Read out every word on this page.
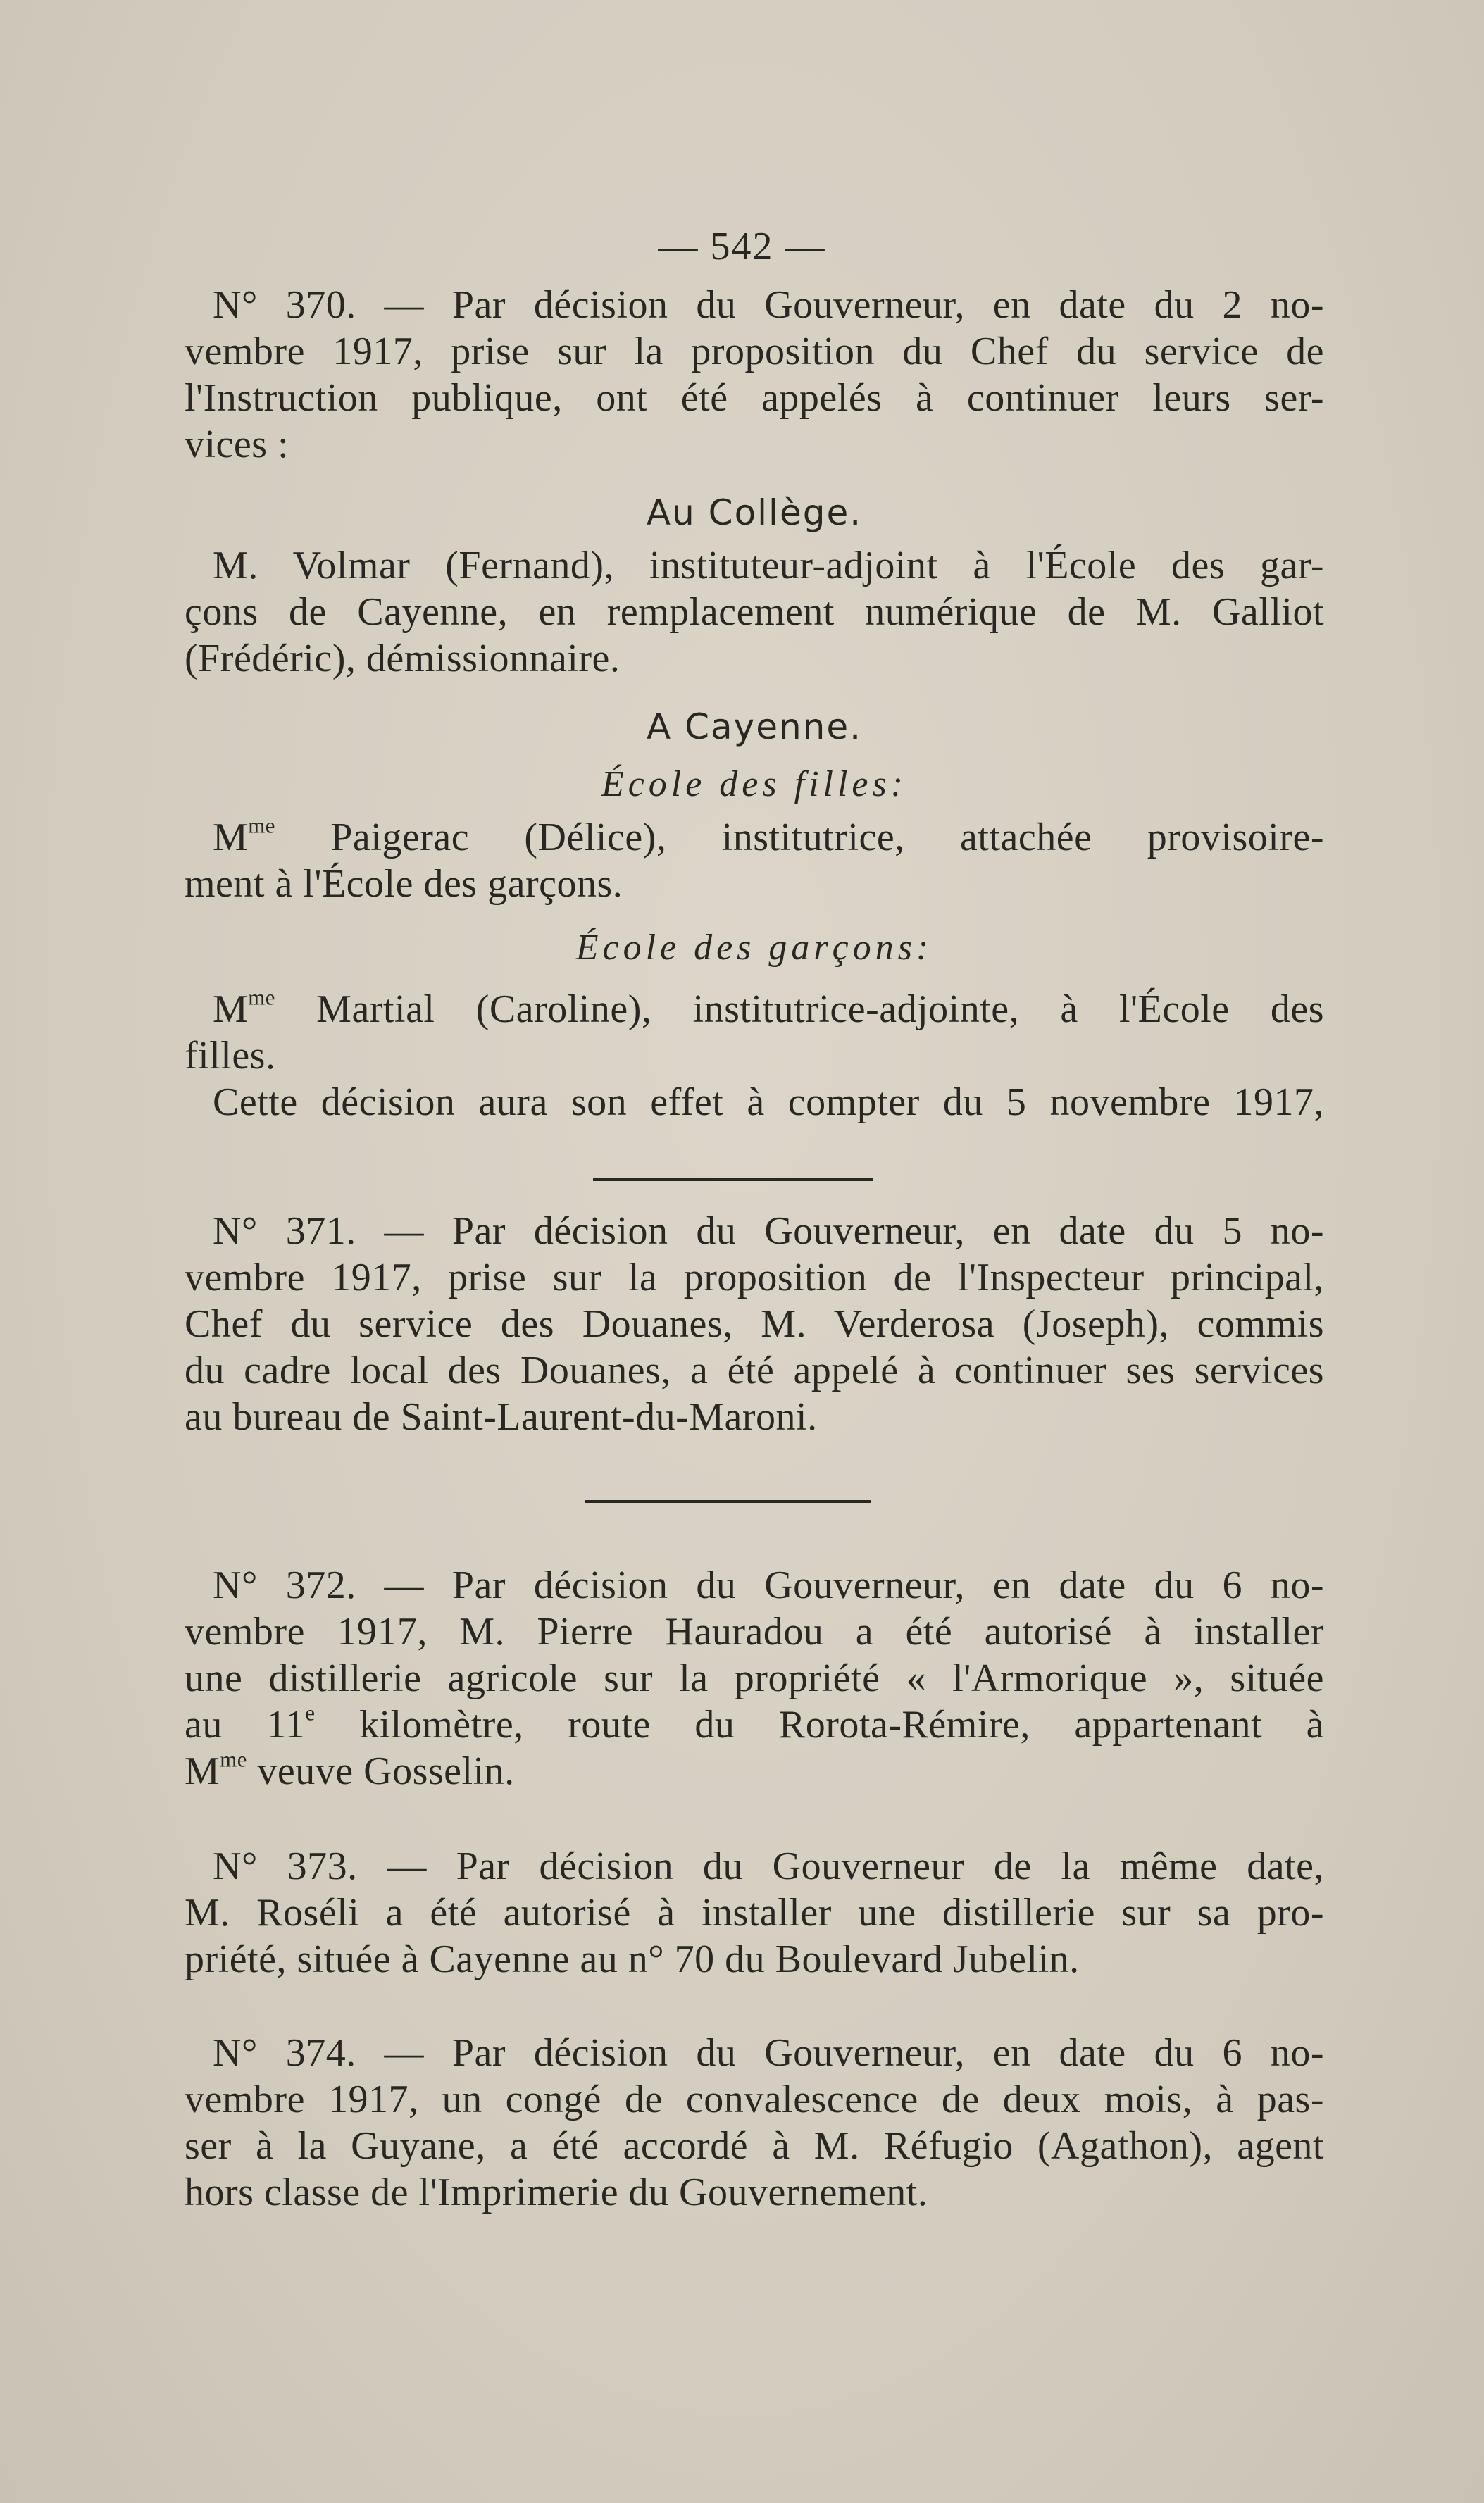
— 542 —
N° 370. — Par décision du Gouverneur, en date du 2 no-
vembre 1917, prise sur la proposition du Chef du service de
l'Instruction publique, ont été appelés à continuer leurs ser-
vices :
Au Collège.
M. Volmar (Fernand), instituteur-adjoint à l'École des gar-
çons de Cayenne, en remplacement numérique de M. Galliot
(Frédéric), démissionnaire.
A Cayenne.
École des filles:
$M^{me}$ Paigerac (Délice), institutrice, attachée provisoire-
ment à l'École des garçons.
École des garçons:
$M^{me}$ Martial (Caroline), institutrice-adjointe, à l'École des
filles.
Cette décision aura son effet à compter du 5 novembre 1917,
N° 371. — Par décision du Gouverneur, en date du 5 no-
vembre 1917, prise sur la proposition de l'Inspecteur principal,
Chef du service des Douanes, M. Verderosa (Joseph), commis
du cadre local des Douanes, a été appelé à continuer ses services
au bureau de Saint-Laurent-du-Maroni.
N° 372. — Par décision du Gouverneur, en date du 6 no-
vembre 1917, M. Pierre Hauradou a été autorisé à installer
une distillerie agricole sur la propriété « l'Armorique », située
au 11e kilomètre, route du Rorota-Rémire, appartenant à
$M^{me}$ veuve Gosselin.
N° 373. — Par décision du Gouverneur de la même date,
M. Roséli a été autorisé à installer une distillerie sur sa pro-
priété, située à Cayenne au n° 70 du Boulevard Jubelin.
N° 374. — Par décision du Gouverneur, en date du 6 no-
vembre 1917, un congé de convalescence de deux mois, à pas-
ser à la Guyane, a été accordé à M. Réfugio (Agathon), agent
hors classe de l'Imprimerie du Gouvernement.
